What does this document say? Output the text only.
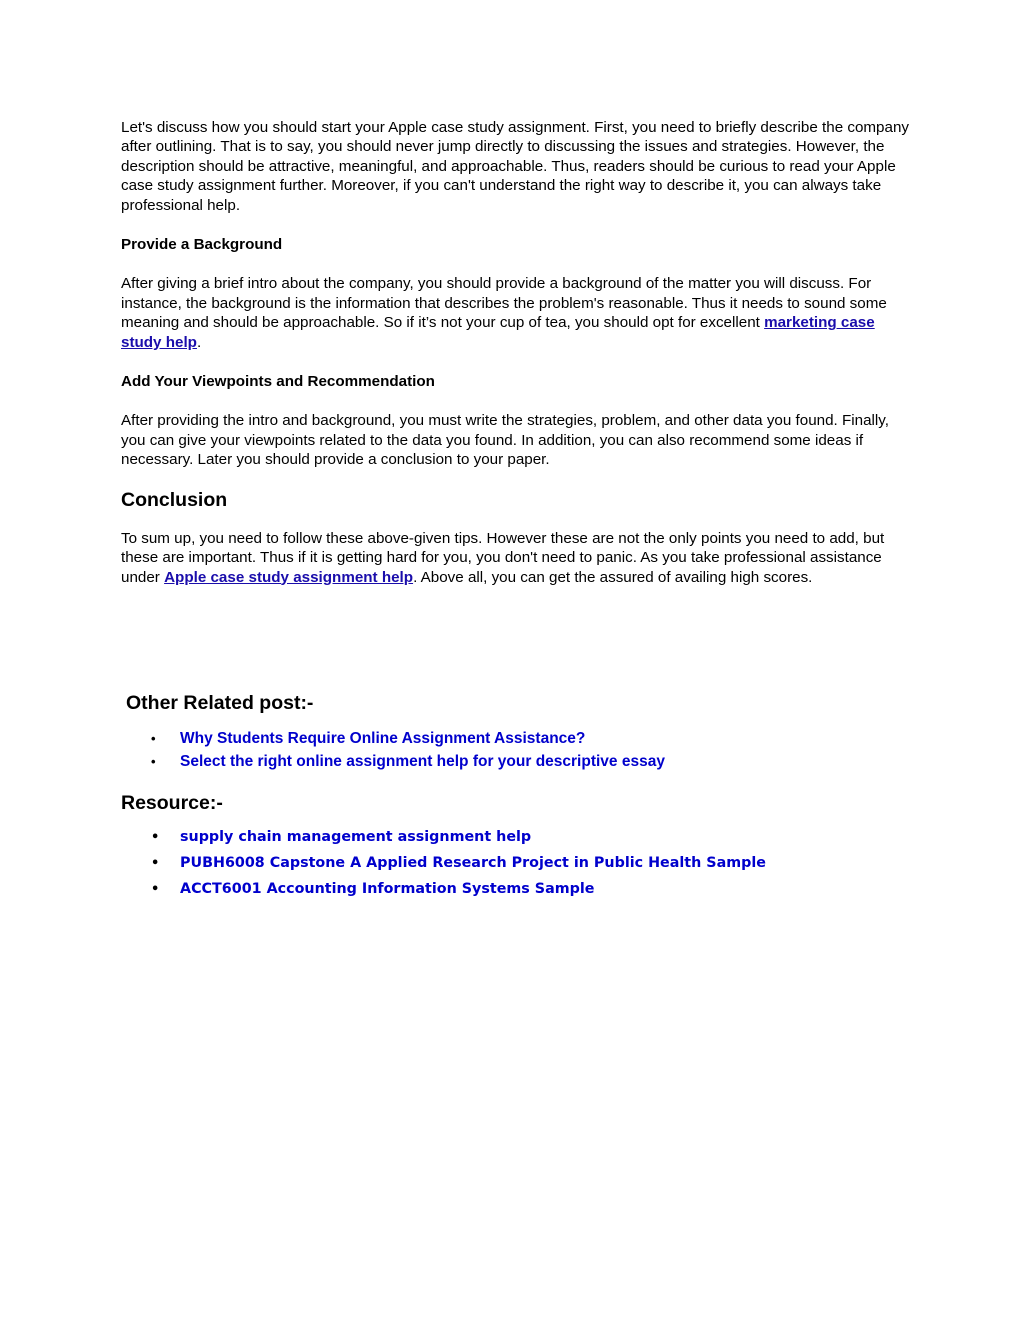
Let's discuss how you should start your Apple case study assignment. First, you need to briefly describe the company after outlining. That is to say, you should never jump directly to discussing the issues and strategies. However, the description should be attractive, meaningful, and approachable. Thus, readers should be curious to read your Apple case study assignment further. Moreover, if you can't understand the right way to describe it, you can always take professional help.

Provide a Background

After giving a brief intro about the company, you should provide a background of the matter you will discuss. For instance, the background is the information that describes the problem's reasonable. Thus it needs to sound some meaning and should be approachable. So if it’s not your cup of tea, you should opt for excellent marketing case study help.

Add Your Viewpoints and Recommendation

After providing the intro and background, you must write the strategies, problem, and other data you found. Finally, you can give your viewpoints related to the data you found. In addition, you can also recommend some ideas if necessary. Later you should provide a conclusion to your paper.

Conclusion

To sum up, you need to follow these above-given tips. However these are not the only points you need to add, but these are important. Thus if it is getting hard for you, you don't need to panic. As you take professional assistance under Apple case study assignment help. Above all, you can get the assured of availing high scores.

Other Related post:-
• Why Students Require Online Assignment Assistance?
• Select the right online assignment help for your descriptive essay
Resource:-
• supply chain management assignment help
• PUBH6008 Capstone A Applied Research Project in Public Health Sample
• ACCT6001 Accounting Information Systems Sample
